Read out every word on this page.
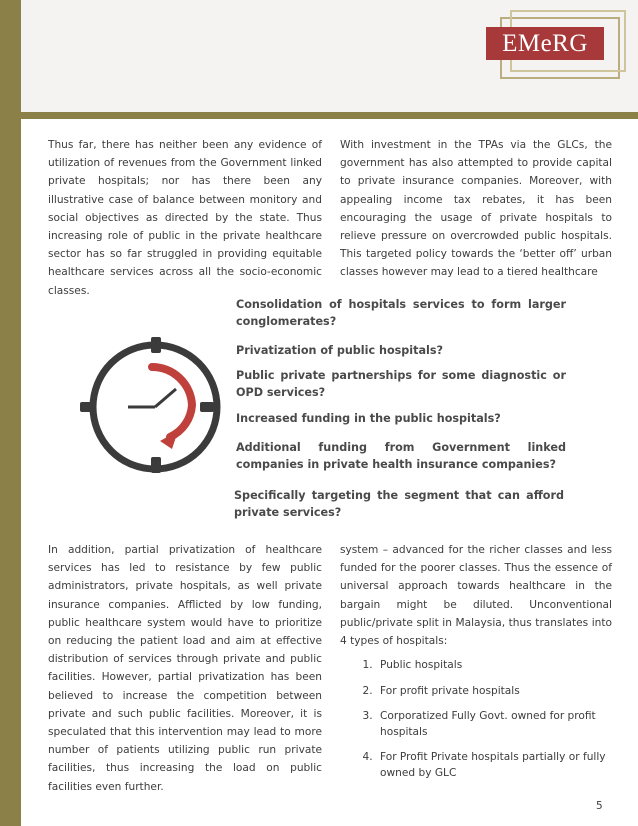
EMeRG

Thus far, there has neither been any evidence of utilization of revenues from the Government linked private hospitals; nor has there been any illustrative case of balance between monitory and social objectives as directed by the state. Thus increasing role of public in the private healthcare sector has so far struggled in providing equitable healthcare services across all the socio-economic classes.

With investment in the TPAs via the GLCs, the government has also attempted to provide capital to private insurance companies. Moreover, with appealing income tax rebates, it has been encouraging the usage of private hospitals to relieve pressure on overcrowded public hospitals. This targeted policy towards the ‘better off’ urban classes however may lead to a tiered healthcare

Consolidation of hospitals services to form larger conglomerates?
Privatization of public hospitals?
Public private partnerships for some diagnostic or OPD services?
Increased funding in the public hospitals?
Additional funding from Government linked companies in private health insurance companies?
Specifically targeting the segment that can afford private services?

In addition, partial privatization of healthcare services has led to resistance by few public administrators, private hospitals, as well private insurance companies. Afflicted by low funding, public healthcare system would have to prioritize on reducing the patient load and aim at effective distribution of services through private and public facilities. However, partial privatization has been believed to increase the competition between private and such public facilities. Moreover, it is speculated that this intervention may lead to more number of patients utilizing public run private facilities, thus increasing the load on public facilities even further.

system – advanced for the richer classes and less funded for the poorer classes. Thus the essence of universal approach towards healthcare in the bargain might be diluted. Unconventional public/private split in Malaysia, thus translates into 4 types of hospitals:

1. Public hospitals
2. For profit private hospitals
3. Corporatized Fully Govt. owned for profit hospitals
4. For Profit Private hospitals partially or fully owned by GLC
5
